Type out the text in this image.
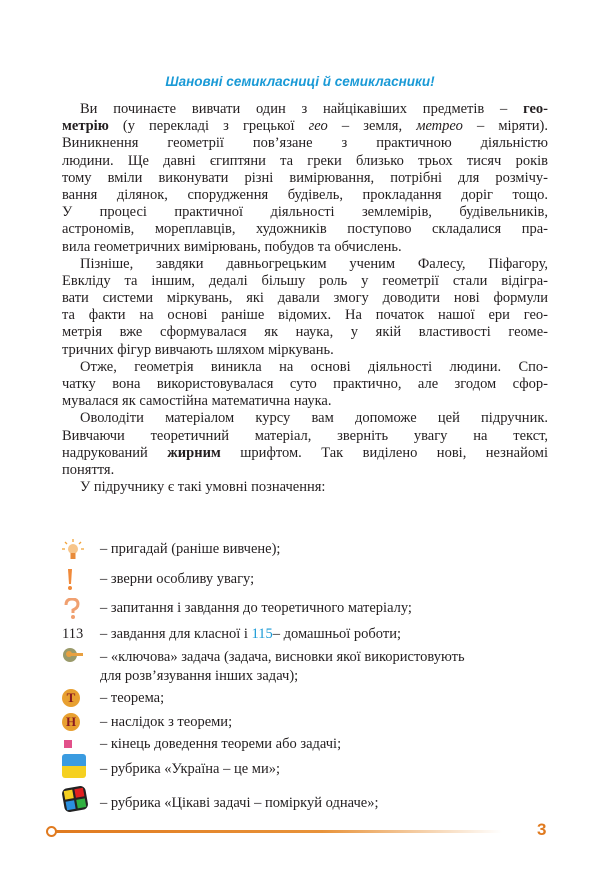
Шановні семикласниці й семикласники!
Ви починаєте вивчати один з найцікавіших предметів – гео-
метрію (у перекладі з грецької гео – земля, метрео – міряти).
Виникнення геометрії пов’язане з практичною діяльністю
людини. Ще давні єгиптяни та греки близько трьох тисяч років
тому вміли виконувати різні вимірювання, потрібні для розмічу-
вання ділянок, спорудження будівель, прокладання доріг тощо.
У процесі практичної діяльності землемірів, будівельників,
астрономів, мореплавців, художників поступово складалися пра-
вила геометричних вимірювань, побудов та обчислень.
Пізніше, завдяки давньогрецьким ученим Фалесу, Піфагору,
Евкліду та іншим, дедалі більшу роль у геометрії стали відігра-
вати системи міркувань, які давали змогу доводити нові формули
та факти на основі раніше відомих. На початок нашої ери гео-
метрія вже сформувалася як наука, у якій властивості геоме-
тричних фігур вивчають шляхом міркувань.
Отже, геометрія виникла на основі діяльності людини. Спо-
чатку вона використовувалася суто практично, але згодом сфор-
мувалася як самостійна математична наука.
Оволодіти матеріалом курсу вам допоможе цей підручник.
Вивчаючи теоретичний матеріал, зверніть увагу на текст,
надрукований жирним шрифтом. Так виділено нові, незнайомі
поняття.
У підручнику є такі умовні позначення:
– пригадай (раніше вивчене);
– зверни особливу увагу;
– запитання і завдання до теоретичного матеріалу;
113 – завдання для класної і 115– домашньої роботи;
– «ключова» задача (задача, висновки якої використовують
для розв’язування інших задач);
Т	– теорема;
Н – наслідок з теореми;
– кінець доведення теореми або задачі;
– рубрика «Україна – це ми»;
– рубрика «Цікаві задачі – поміркуй одначе»;
3
